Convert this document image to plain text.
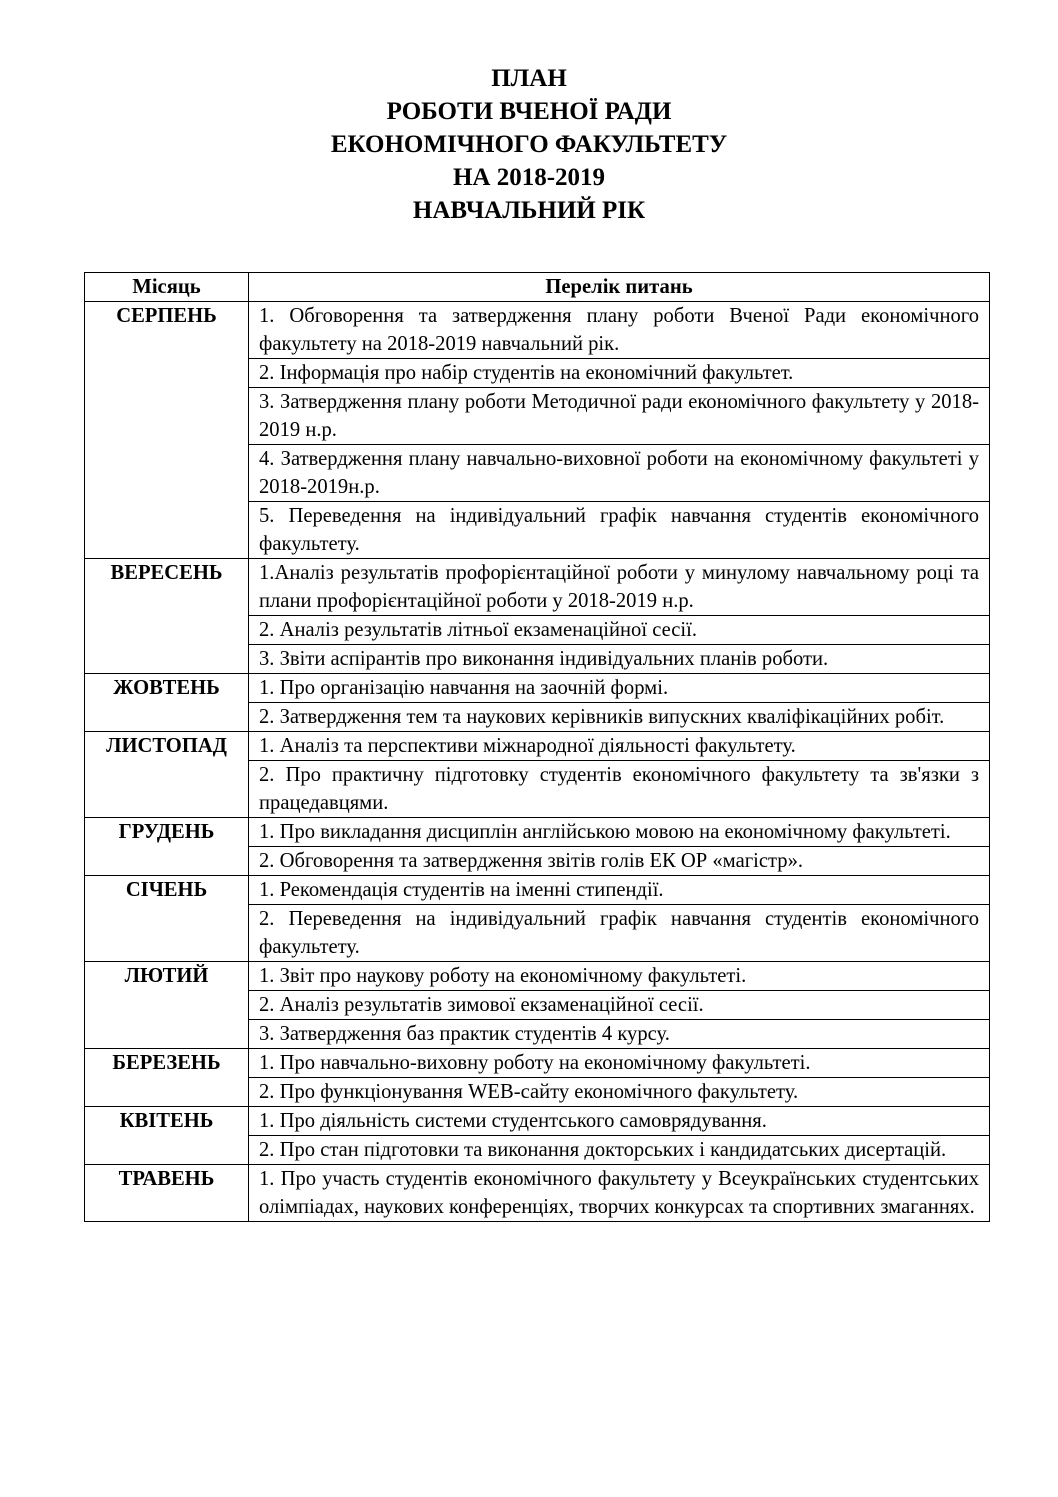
ПЛАН
РОБОТИ ВЧЕНОЇ РАДИ
ЕКОНОМІЧНОГО ФАКУЛЬТЕТУ
НА 2018-2019
НАВЧАЛЬНИЙ РІК
Місяць	Перелік питань
СЕРПЕНЬ	1. Обговорення та затвердження плану роботи Вченої Ради економічного факультету на 2018-2019 навчальний рік.
	2. Інформація про набір студентів на економічний факультет.
	3. Затвердження плану роботи Методичної ради економічного факультету у 2018-2019 н.р.
	4. Затвердження плану навчально-виховної роботи на економічному факультеті у 2018-2019н.р.
	5. Переведення на індивідуальний графік навчання студентів економічного факультету.
ВЕРЕСЕНЬ	1.Аналіз результатів профорієнтаційної роботи у минулому навчальному році та плани профорієнтаційної роботи у 2018-2019 н.р.
	2. Аналіз результатів літньої екзаменаційної сесії.
	3. Звіти аспірантів про виконання індивідуальних планів роботи.
ЖОВТЕНЬ	1. Про організацію навчання на заочній формі.
	2. Затвердження тем та наукових керівників випускних кваліфікаційних робіт.
ЛИСТОПАД	1. Аналіз та перспективи міжнародної діяльності факультету.
	2. Про практичну підготовку студентів економічного факультету та зв'язки з працедавцями.
ГРУДЕНЬ	1. Про викладання дисциплін англійською мовою на економічному факультеті.
	2. Обговорення та затвердження звітів голів ЕК ОР «магістр».
СІЧЕНЬ	1. Рекомендація студентів на іменні стипендії.
	2. Переведення на індивідуальний графік навчання студентів економічного факультету.
ЛЮТИЙ	1. Звіт про наукову роботу на економічному факультеті.
	2. Аналіз результатів зимової екзаменаційної сесії.
	3. Затвердження баз практик студентів 4 курсу.
БЕРЕЗЕНЬ	1. Про навчально-виховну роботу на економічному факультеті.
	2. Про функціонування WEB-сайту економічного факультету.
КВІТЕНЬ	1. Про діяльність системи студентського самоврядування.
	2. Про стан підготовки та виконання докторських і кандидатських дисертацій.
ТРАВЕНЬ	1. Про участь студентів економічного факультету у Всеукраїнських студентських олімпіадах, наукових конференціях, творчих конкурсах та спортивних змаганнях.
